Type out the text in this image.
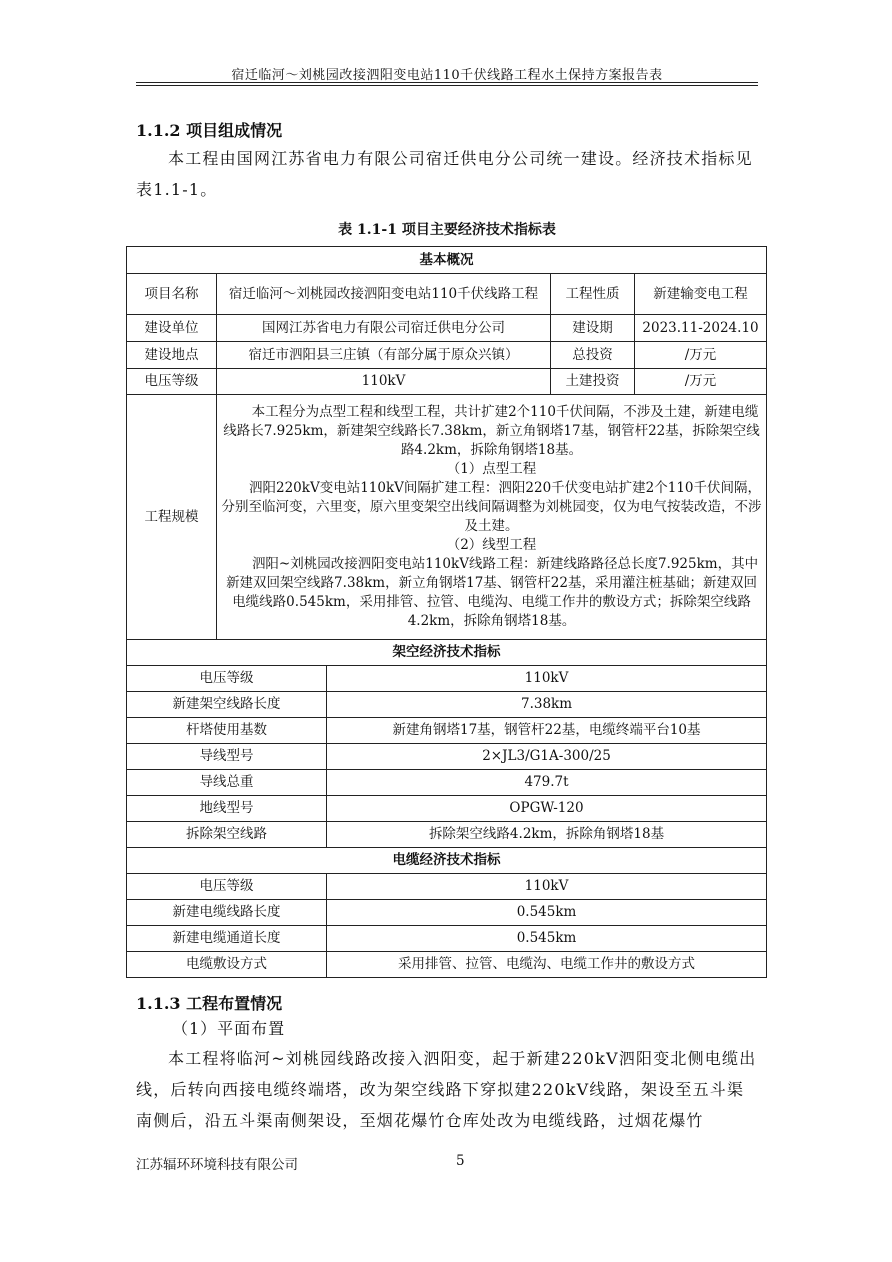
宿迁临河～刘桃园改接泗阳变电站110千伏线路工程水土保持方案报告表
1.1.2 项目组成情况

本工程由国网江苏省电力有限公司宿迁供电分公司统一建设。经济技术指标见表1.1-1。

表 1.1-1 项目主要经济技术指标表
基本概况				
项目名称	宿迁临河～刘桃园改接泗阳变电站110千伏线路工程		工程性质	新建输变电工程
建设单位	国网江苏省电力有限公司宿迁供电分公司		建设期	2023.11-2024.10
建设地点	宿迁市泗阳县三庄镇（有部分属于原众兴镇）		总投资	/万元
电压等级	110kV		土建投资	/万元
工程规模	本工程分为点型工程和线型工程，共计扩建2个110千伏间隔，不涉及土建，新建电缆线路长7.925km，新建架空线路长7.38km，新立角钢塔17基，钢管杆22基，拆除架空线路4.2km，拆除角钢塔18基。

（1）点型工程

泗阳220kV变电站110kV间隔扩建工程：泗阳220千伏变电站扩建2个110千伏间隔，分别至临河变，六里变，原六里变架空出线间隔调整为刘桃园变，仅为电气按装改造，不涉及土建。

（2）线型工程

泗阳~刘桃园改接泗阳变电站110kV线路工程：新建线路路径总长度7.925km，其中新建双回架空线路7.38km，新立角钢塔17基、钢管杆22基，采用灌注桩基础；新建双回电缆线路0.545km，采用排管、拉管、电缆沟、电缆工作井的敷设方式；拆除架空线路4.2km，拆除角钢塔18基。			

架空经济技术指标				
电压等级		110kV		
新建架空线路长度		7.38km		
杆塔使用基数		新建角钢塔17基，钢管杆22基，电缆终端平台10基		
导线型号		2×JL3/G1A-300/25		
导线总重		479.7t		
地线型号		OPGW-120		
拆除架空线路		拆除架空线路4.2km，拆除角钢塔18基		
电缆经济技术指标				
电压等级		110kV		
新建电缆线路长度		0.545km		
新建电缆通道长度		0.545km		
电缆敷设方式		采用排管、拉管、电缆沟、电缆工作井的敷设方式		
1.1.3 工程布置情况
（1）平面布置

本工程将临河~刘桃园线路改接入泗阳变，起于新建220kV泗阳变北侧电缆出线，后转向西接电缆终端塔，改为架空线路下穿拟建220kV线路，架设至五斗渠南侧后，沿五斗渠南侧架设，至烟花爆竹仓库处改为电缆线路，过烟花爆竹

江苏辐环环境科技有限公司	5
